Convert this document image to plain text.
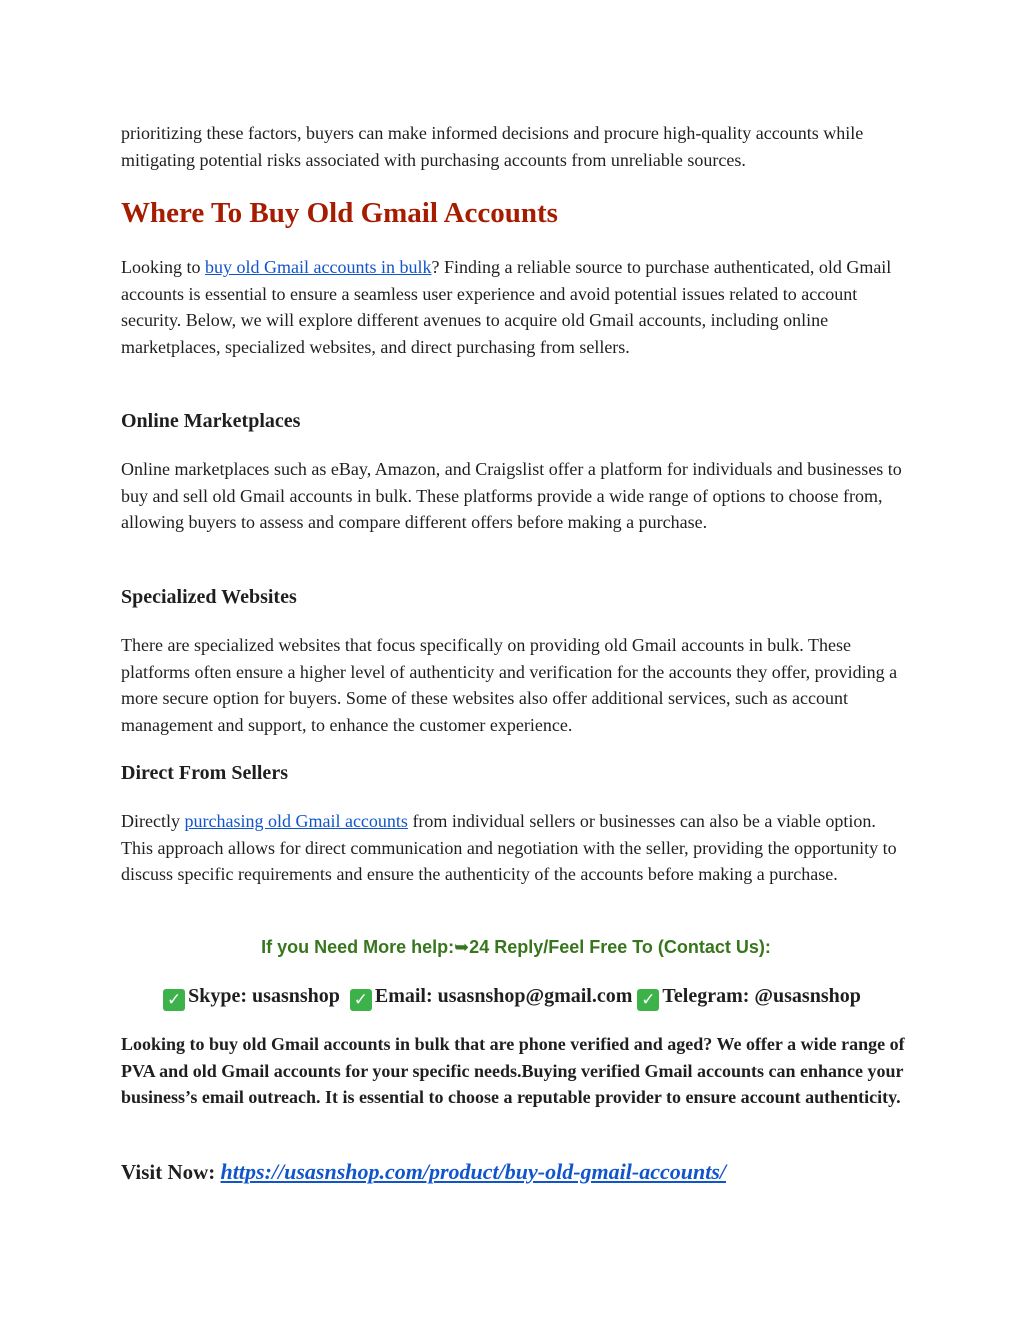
prioritizing these factors, buyers can make informed decisions and procure high-quality accounts while mitigating potential risks associated with purchasing accounts from unreliable sources.

Where To Buy Old Gmail Accounts

Looking to buy old Gmail accounts in bulk? Finding a reliable source to purchase authenticated, old Gmail accounts is essential to ensure a seamless user experience and avoid potential issues related to account security. Below, we will explore different avenues to acquire old Gmail accounts, including online marketplaces, specialized websites, and direct purchasing from sellers.

Online Marketplaces

Online marketplaces such as eBay, Amazon, and Craigslist offer a platform for individuals and businesses to buy and sell old Gmail accounts in bulk. These platforms provide a wide range of options to choose from, allowing buyers to assess and compare different offers before making a purchase.

Specialized Websites

There are specialized websites that focus specifically on providing old Gmail accounts in bulk. These platforms often ensure a higher level of authenticity and verification for the accounts they offer, providing a more secure option for buyers. Some of these websites also offer additional services, such as account management and support, to enhance the customer experience.

Direct From Sellers

Directly purchasing old Gmail accounts from individual sellers or businesses can also be a viable option. This approach allows for direct communication and negotiation with the seller, providing the opportunity to discuss specific requirements and ensure the authenticity of the accounts before making a purchase.

If you Need More help:➥24 Reply/Feel Free To (Contact Us):
✓ Skype: usasnshop ✓ Email: usasnshop@gmail.com ✓ Telegram: @usasnshop

Looking to buy old Gmail accounts in bulk that are phone verified and aged? We offer a wide range of PVA and old Gmail accounts for your specific needs.Buying verified Gmail accounts can enhance your business’s email outreach. It is essential to choose a reputable provider to ensure account authenticity.

Visit Now: https://usasnshop.com/product/buy-old-gmail-accounts/
